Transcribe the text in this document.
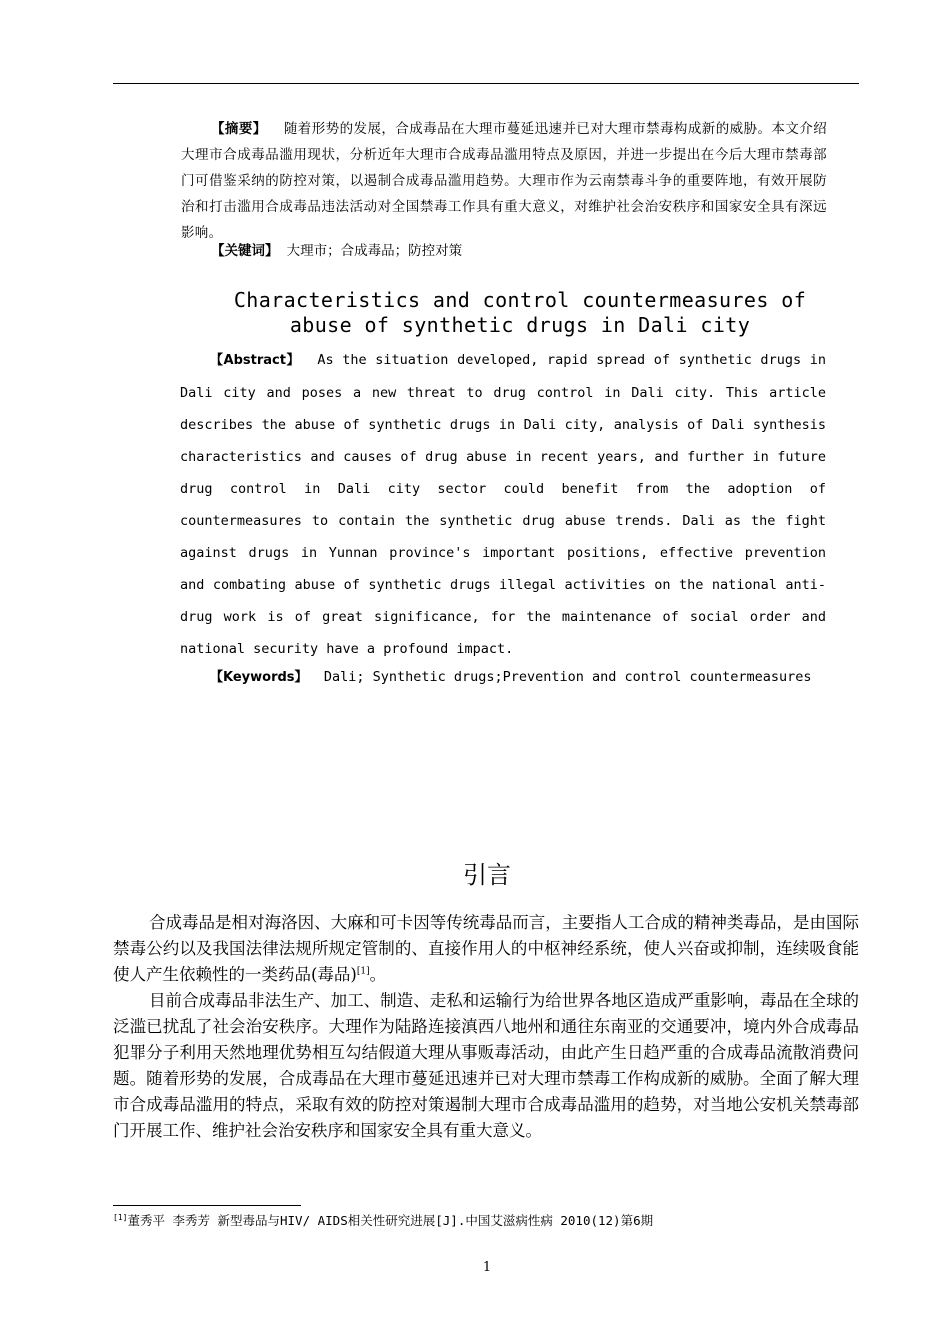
【摘要】 随着形势的发展，合成毒品在大理市蔓延迅速并已对大理市禁毒构成新的威胁。本文介绍大理市合成毒品滥用现状，分析近年大理市合成毒品滥用特点及原因，并进一步提出在今后大理市禁毒部门可借鉴采纳的防控对策，以遏制合成毒品滥用趋势。大理市作为云南禁毒斗争的重要阵地，有效开展防治和打击滥用合成毒品违法活动对全国禁毒工作具有重大意义，对维护社会治安秩序和国家安全具有深远影响。

【关键词】 大理市；合成毒品；防控对策
Characteristics and control countermeasures of
abuse of synthetic drugs in Dali city

【Abstract】 As the situation developed, rapid spread of synthetic drugs in Dali city and poses a new threat to drug control in Dali city. This article describes the abuse of synthetic drugs in Dali city, analysis of Dali synthesis characteristics and causes of drug abuse in recent years, and further in future drug control in Dali city sector could benefit from the adoption of countermeasures to contain the synthetic drug abuse trends. Dali as the fight against drugs in Yunnan province's important positions, effective prevention and combating abuse of synthetic drugs illegal activities on the national anti-drug work is of great significance, for the maintenance of social order and national security have a profound impact.

【Keywords】 Dali; Synthetic drugs;Prevention and control countermeasures
引言

合成毒品是相对海洛因、大麻和可卡因等传统毒品而言，主要指人工合成的精神类毒品，是由国际禁毒公约以及我国法律法规所规定管制的、直接作用人的中枢神经系统，使人兴奋或抑制，连续吸食能使人产生依赖性的一类药品(毒品)[1]。

目前合成毒品非法生产、加工、制造、走私和运输行为给世界各地区造成严重影响，毒品在全球的泛滥已扰乱了社会治安秩序。大理作为陆路连接滇西八地州和通往东南亚的交通要冲，境内外合成毒品犯罪分子利用天然地理优势相互勾结假道大理从事贩毒活动，由此产生日趋严重的合成毒品流散消费问题。随着形势的发展，合成毒品在大理市蔓延迅速并已对大理市禁毒工作构成新的威胁。全面了解大理市合成毒品滥用的特点，采取有效的防控对策遏制大理市合成毒品滥用的趋势，对当地公安机关禁毒部门开展工作、维护社会治安秩序和国家安全具有重大意义。

[1]董秀平 李秀芳 新型毒品与HIV/ AIDS相关性研究进展[J].中国艾滋病性病 2010(12)第6期
1
